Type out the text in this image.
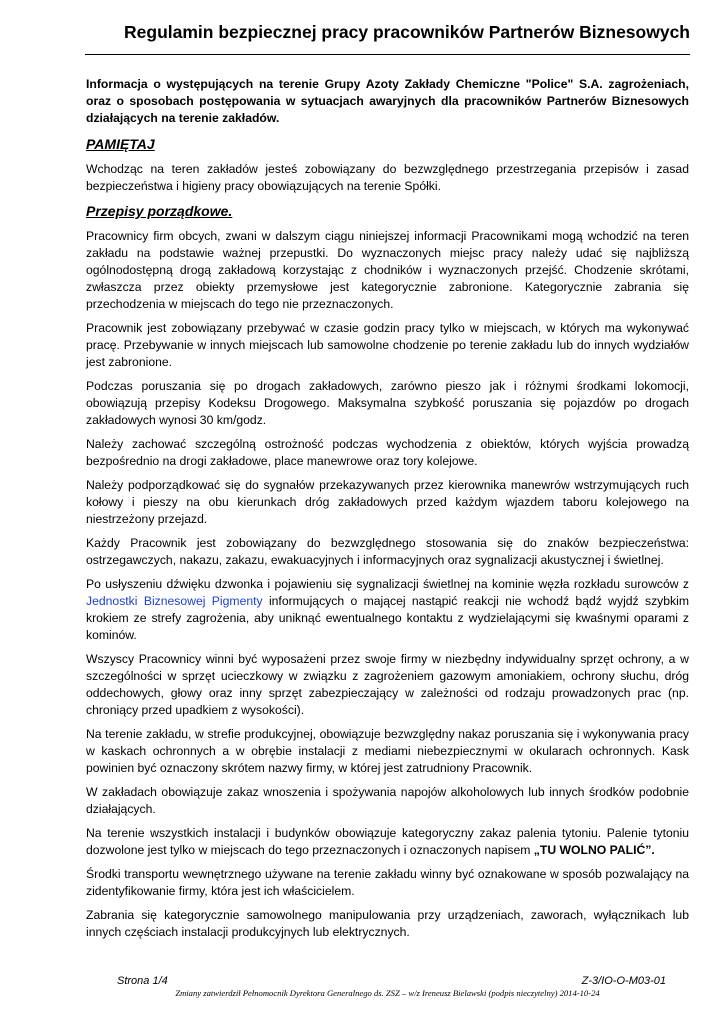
Regulamin bezpiecznej pracy pracowników Partnerów Biznesowych

Informacja o występujących na terenie Grupy Azoty Zakłady Chemiczne "Police" S.A. zagrożeniach, oraz o sposobach postępowania w sytuacjach awaryjnych dla pracowników Partnerów Biznesowych działających na terenie zakładów.

PAMIĘTAJ

Wchodząc na teren zakładów jesteś zobowiązany do bezwzględnego przestrzegania przepisów i zasad bezpieczeństwa i higieny pracy obowiązujących na terenie Spółki.

Przepisy porządkowe.

Pracownicy firm obcych, zwani w dalszym ciągu niniejszej informacji Pracownikami mogą wchodzić na teren zakładu na podstawie ważnej przepustki. Do wyznaczonych miejsc pracy należy udać się najbliższą ogólnodostępną drogą zakładową korzystając z chodników i wyznaczonych przejść. Chodzenie skrótami, zwłaszcza przez obiekty przemysłowe jest kategorycznie zabronione. Kategorycznie zabrania się przechodzenia w miejscach do tego nie przeznaczonych.

Pracownik jest zobowiązany przebywać w czasie godzin pracy tylko w miejscach, w których ma wykonywać pracę. Przebywanie w innych miejscach lub samowolne chodzenie po terenie zakładu lub do innych wydziałów jest zabronione.

Podczas poruszania się po drogach zakładowych, zarówno pieszo jak i różnymi środkami lokomocji, obowiązują przepisy Kodeksu Drogowego. Maksymalna szybkość poruszania się pojazdów po drogach zakładowych wynosi 30 km/godz.

Należy zachować szczególną ostrożność podczas wychodzenia z obiektów, których wyjścia prowadzą bezpośrednio na drogi zakładowe, place manewrowe oraz tory kolejowe.

Należy podporządkować się do sygnałów przekazywanych przez kierownika manewrów wstrzymujących ruch kołowy i pieszy na obu kierunkach dróg zakładowych przed każdym wjazdem taboru kolejowego na niestrzeżony przejazd.

Każdy Pracownik jest zobowiązany do bezwzględnego stosowania się do znaków bezpieczeństwa: ostrzegawczych, nakazu, zakazu, ewakuacyjnych i informacyjnych oraz sygnalizacji akustycznej i świetlnej.

Po usłyszeniu dźwięku dzwonka i pojawieniu się sygnalizacji świetlnej na kominie węzła rozkładu surowców z Jednostki Biznesowej Pigmenty informujących o mającej nastąpić reakcji nie wchodź bądź wyjdź szybkim krokiem ze strefy zagrożenia, aby uniknąć ewentualnego kontaktu z wydzielającymi się kwaśnymi oparami z kominów.

Wszyscy Pracownicy winni być wyposażeni przez swoje firmy w niezbędny indywidualny sprzęt ochrony, a w szczególności w sprzęt ucieczkowy w związku z zagrożeniem gazowym amoniakiem, ochrony słuchu, dróg oddechowych, głowy oraz inny sprzęt zabezpieczający w zależności od rodzaju prowadzonych prac (np. chroniący przed upadkiem z wysokości).

Na terenie zakładu, w strefie produkcyjnej, obowiązuje bezwzględny nakaz poruszania się i wykonywania pracy w kaskach ochronnych a w obrębie instalacji z mediami niebezpiecznymi w okularach ochronnych. Kask powinien być oznaczony skrótem nazwy firmy, w której jest zatrudniony Pracownik.

W zakładach obowiązuje zakaz wnoszenia i spożywania napojów alkoholowych lub innych środków podobnie działających.

Na terenie wszystkich instalacji i budynków obowiązuje kategoryczny zakaz palenia tytoniu. Palenie tytoniu dozwolone jest tylko w miejscach do tego przeznaczonych i oznaczonych napisem „TU WOLNO PALIĆ”.

Środki transportu wewnętrznego używane na terenie zakładu winny być oznakowane w sposób pozwalający na zidentyfikowanie firmy, która jest ich właścicielem.

Zabrania się kategorycznie samowolnego manipulowania przy urządzeniach, zaworach, wyłącznikach lub innych częściach instalacji produkcyjnych lub elektrycznych.

Strona 1/4	Z-3/IO-O-M03-01
Zmiany zatwierdził Pełnomocnik Dyrektora Generalnego ds. ZSZ – w/z Ireneusz Bielawski (podpis nieczytelny) 2014-10-24
